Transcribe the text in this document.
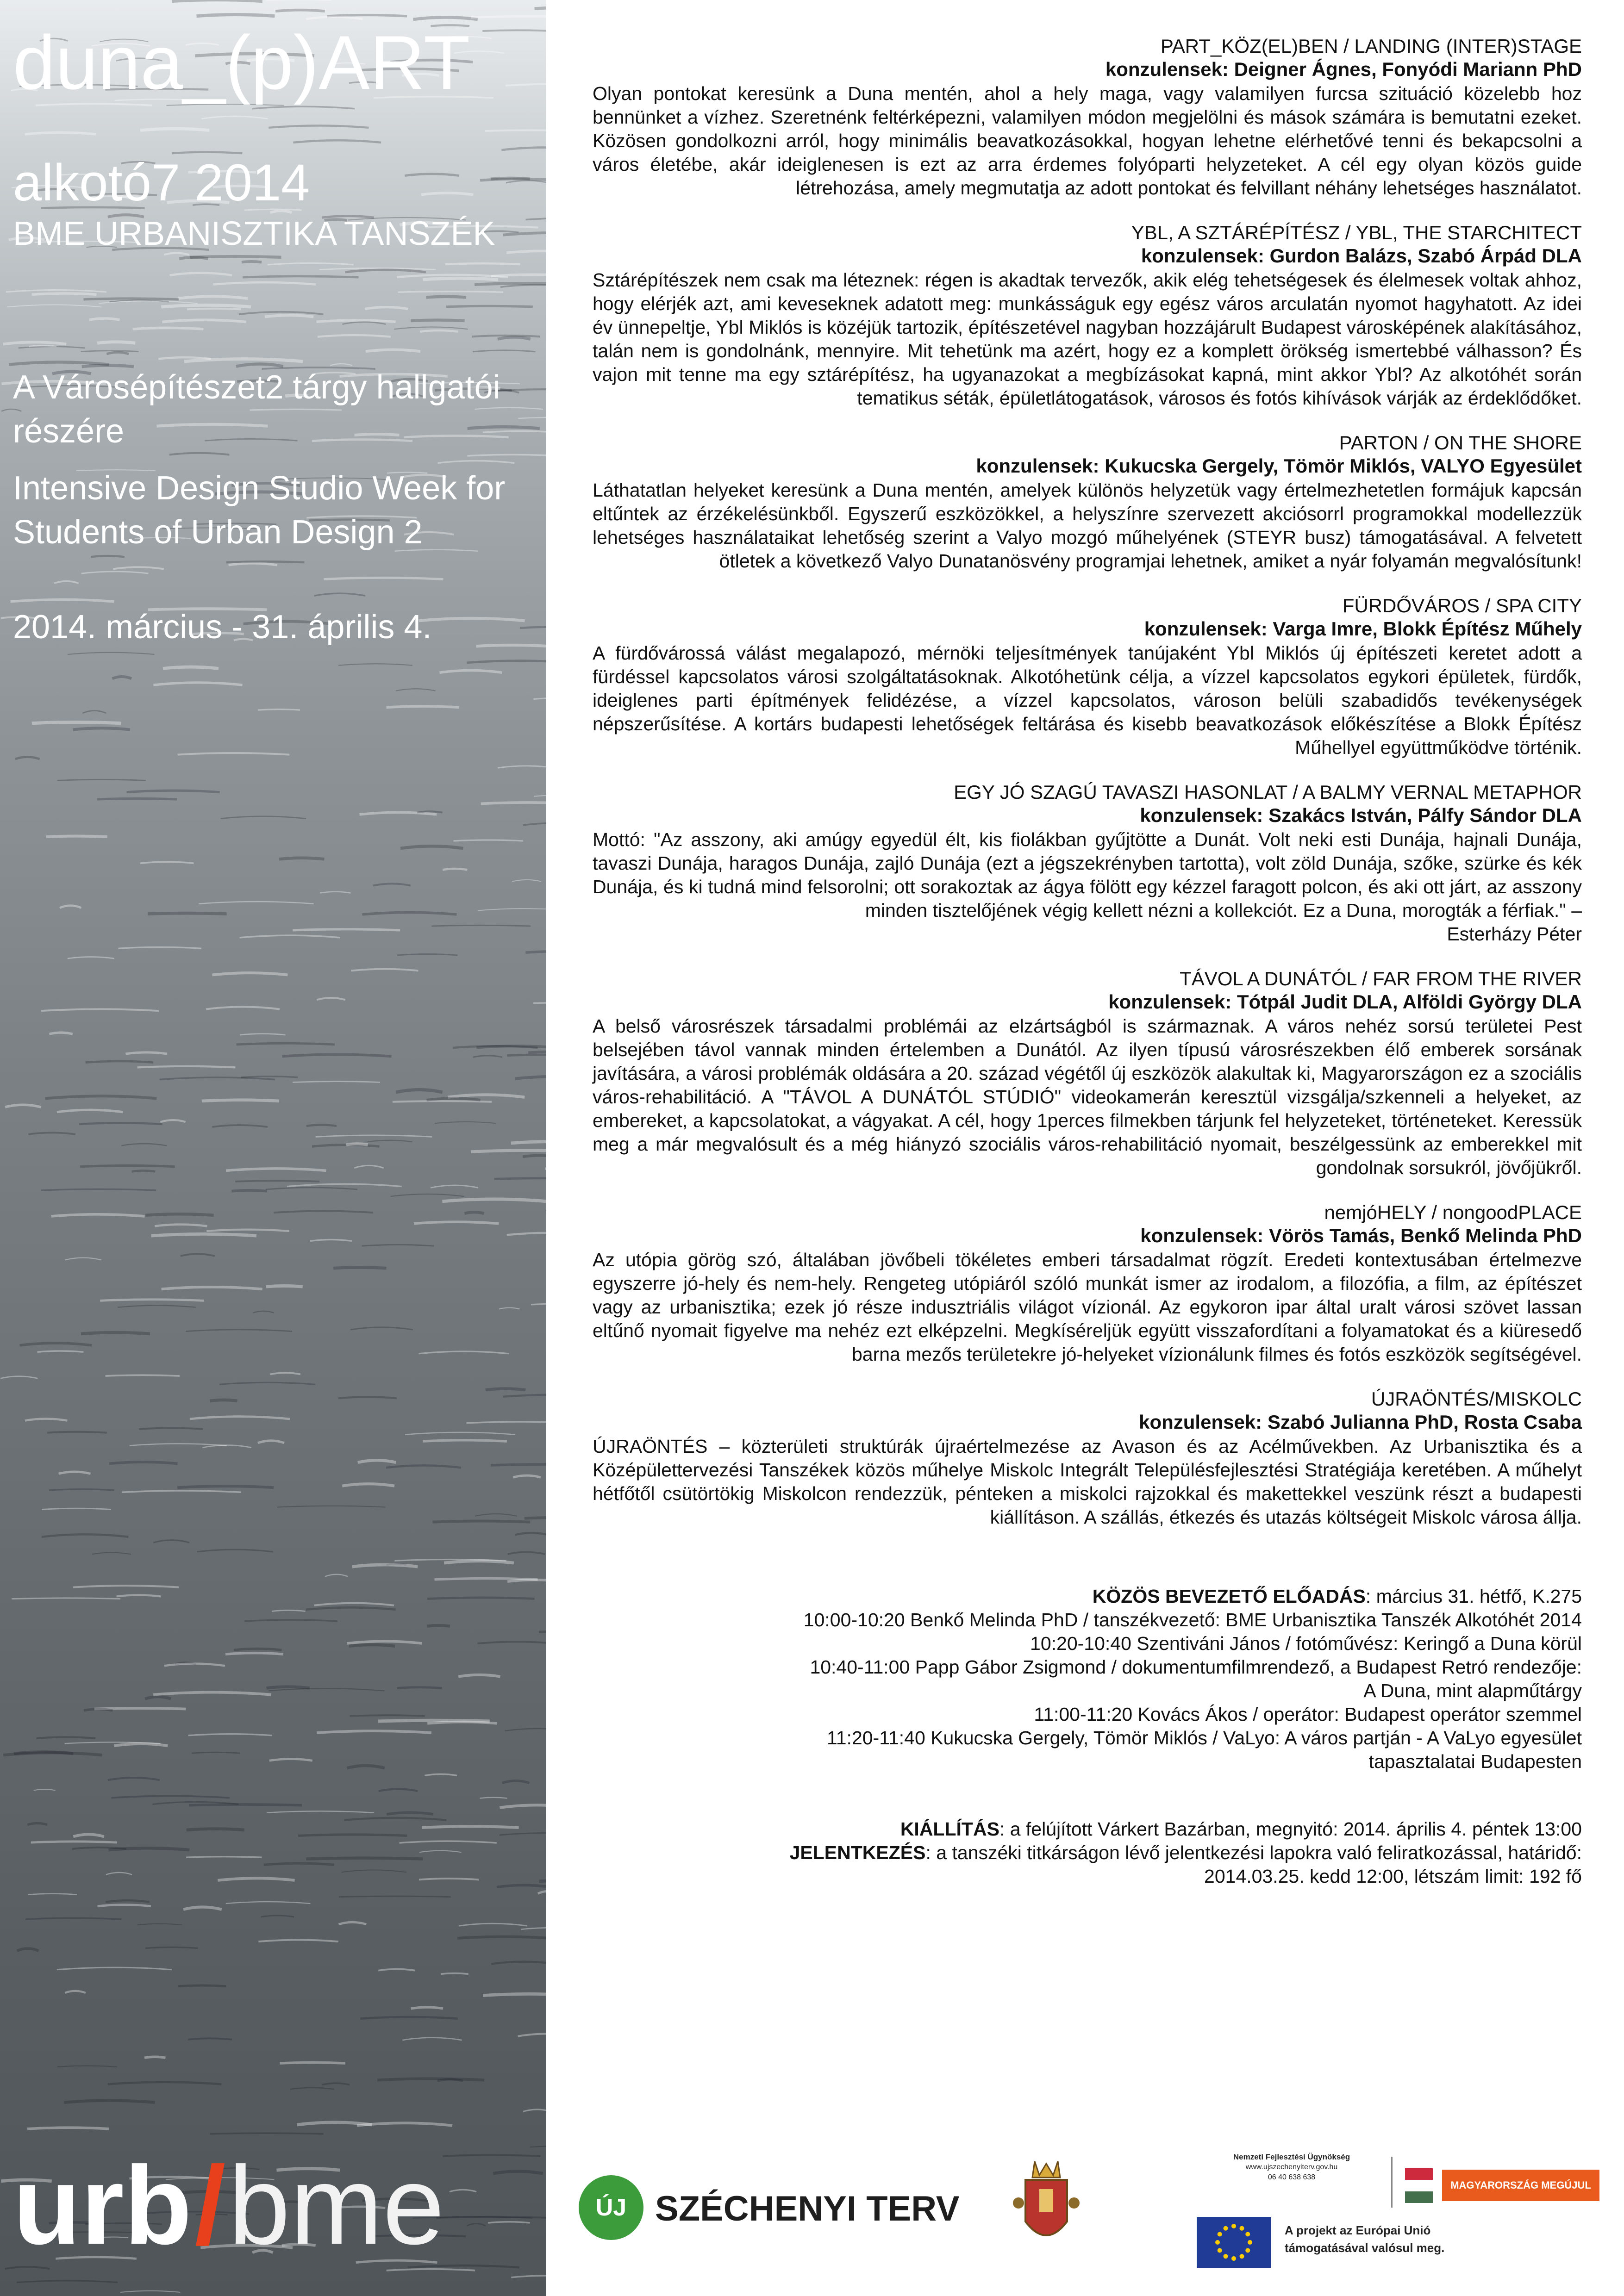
duna_(p)ART
alkotó7 2014
BME URBANISZTIKA TANSZÉK
A Városépítészet2 tárgy hallgatói részére
Intensive Design Studio Week for Students of Urban Design 2
2014. március - 31. április 4.
urb/bme
PART_KÖZ(EL)BEN / LANDING (INTER)STAGE
konzulensek: Deigner Ágnes, Fonyódi Mariann PhD
Olyan pontokat keresünk a Duna mentén, ahol a hely maga, vagy valamilyen furcsa szituáció közelebb hoz bennünket a vízhez. Szeretnénk feltérképezni, valamilyen módon megjelölni és mások számára is bemutatni ezeket. Közösen gondolkozni arról, hogy minimális beavatkozásokkal, hogyan lehetne elérhetővé tenni és bekapcsolni a város életébe, akár ideiglenesen is ezt az arra érdemes folyóparti helyzeteket. A cél egy olyan közös guide létrehozása, amely megmutatja az adott pontokat és felvillant néhány lehetséges használatot.
YBL, A SZTÁRÉPÍTÉSZ / YBL, THE STARCHITECT
konzulensek: Gurdon Balázs, Szabó Árpád DLA
Sztárépítészek nem csak ma léteznek: régen is akadtak tervezők, akik elég tehetségesek és élelmesek voltak ahhoz, hogy elérjék azt, ami keveseknek adatott meg: munkásságuk egy egész város arculatán nyomot hagyhatott. Az idei év ünnepeltje, Ybl Miklós is közéjük tartozik, építészetével nagyban hozzájárult Budapest városképének alakításához, talán nem is gondolnánk, mennyire. Mit tehetünk ma azért, hogy ez a komplett örökség ismertebbé válhasson? És vajon mit tenne ma egy sztárépítész, ha ugyanazokat a megbízásokat kapná, mint akkor Ybl? Az alkotóhét során tematikus séták, épületlátogatások, városos és fotós kihívások várják az érdeklődőket.
PARTON / ON THE SHORE
konzulensek: Kukucska Gergely, Tömör Miklós, VALYO Egyesület
Láthatatlan helyeket keresünk a Duna mentén, amelyek különös helyzetük vagy értelmezhetetlen formájuk kapcsán eltűntek az érzékelésünkből. Egyszerű eszközökkel, a helyszínre szervezett akciósorrl programokkal modellezzük lehetséges használataikat lehetőség szerint a Valyo mozgó műhelyének (STEYR busz) támogatásával. A felvetett ötletek a következő Valyo Dunatanösvény programjai lehetnek, amiket a nyár folyamán megvalósítunk!
FÜRDŐVÁROS / SPA CITY
konzulensek: Varga Imre, Blokk Építész Műhely
A fürdővárossá válást megalapozó, mérnöki teljesítmények tanújaként Ybl Miklós új építészeti keretet adott a fürdéssel kapcsolatos városi szolgáltatásoknak. Alkotóhetünk célja, a vízzel kapcsolatos egykori épületek, fürdők, ideiglenes parti építmények felidézése, a vízzel kapcsolatos, városon belüli szabadidős tevékenységek népszerűsítése. A kortárs budapesti lehetőségek feltárása és kisebb beavatkozások előkészítése a Blokk Építész Műhellyel együttműködve történik.
EGY JÓ SZAGÚ TAVASZI HASONLAT / A BALMY VERNAL METAPHOR
konzulensek: Szakács István, Pálfy Sándor DLA
Mottó: "Az asszony, aki amúgy egyedül élt, kis fiolákban gyűjtötte a Dunát. Volt neki esti Dunája, hajnali Dunája, tavaszi Dunája, haragos Dunája, zajló Dunája (ezt a jégszekrényben tartotta), volt zöld Dunája, szőke, szürke és kék Dunája, és ki tudná mind felsorolni; ott sorakoztak az ágya fölött egy kézzel faragott polcon, és aki ott járt, az asszony minden tisztelőjének végig kellett nézni a kollekciót. Ez a Duna, morogták a férfiak." –
Esterházy Péter
TÁVOL A DUNÁTÓL / FAR FROM THE RIVER
konzulensek: Tótpál Judit DLA, Alföldi György DLA
A belső városrészek társadalmi problémái az elzártságból is származnak. A város nehéz sorsú területei Pest belsejében távol vannak minden értelemben a Dunától. Az ilyen típusú városrészekben élő emberek sorsának javítására, a városi problémák oldására a 20. század végétől új eszközök alakultak ki, Magyarországon ez a szociális város-rehabilitáció. A "TÁVOL A DUNÁTÓL STÚDIÓ" videokamerán keresztül vizsgálja/szkenneli a helyeket, az embereket, a kapcsolatokat, a vágyakat. A cél, hogy 1perces filmekben tárjunk fel helyzeteket, történeteket. Keressük meg a már megvalósult és a még hiányzó szociális város-rehabilitáció nyomait, beszélgessünk az emberekkel mit gondolnak sorsukról, jövőjükről.
nemjóHELY / nongoodPLACE
konzulensek: Vörös Tamás, Benkő Melinda PhD
Az utópia görög szó, általában jövőbeli tökéletes emberi társadalmat rögzít. Eredeti kontextusában értelmezve egyszerre jó-hely és nem-hely. Rengeteg utópiáról szóló munkát ismer az irodalom, a filozófia, a film, az építészet vagy az urbanisztika; ezek jó része indusztriális világot vízionál. Az egykoron ipar által uralt városi szövet lassan eltűnő nyomait figyelve ma nehéz ezt elképzelni. Megkíséreljük együtt visszafordítani a folyamatokat és a kiüresedő barna mezős területekre jó-helyeket vízionálunk filmes és fotós eszközök segítségével.
ÚJRAÖNTÉS/MISKOLC
konzulensek: Szabó Julianna PhD, Rosta Csaba
ÚJRAÖNTÉS – közterületi struktúrák újraértelmezése az Avason és az Acélművekben. Az Urbanisztika és a Középülettervezési Tanszékek közös műhelye Miskolc Integrált Településfejlesztési Stratégiája keretében. A műhelyt hétfőtől csütörtökig Miskolcon rendezzük, pénteken a miskolci rajzokkal és makettekkel veszünk részt a budapesti kiállításon. A szállás, étkezés és utazás költségeit Miskolc városa állja.
KÖZÖS BEVEZETŐ ELŐADÁS: március 31. hétfő, K.275
10:00-10:20 Benkő Melinda PhD / tanszékvezető: BME Urbanisztika Tanszék Alkotóhét 2014
10:20-10:40 Szentiváni János / fotóművész: Keringő a Duna körül
10:40-11:00 Papp Gábor Zsigmond / dokumentumfilmrendező, a Budapest Retró rendezője:
A Duna, mint alapműtárgy
11:00-11:20 Kovács Ákos / operátor: Budapest operátor szemmel
11:20-11:40 Kukucska Gergely, Tömör Miklós / VaLyo: A város partján - A VaLyo egyesület
tapasztalatai Budapesten
KIÁLLÍTÁS: a felújított Várkert Bazárban, megnyitó: 2014. április 4. péntek 13:00
JELENTKEZÉS: a tanszéki titkárságon lévő jelentkezési lapokra való feliratkozással, határidő:
2014.03.25. kedd 12:00, létszám limit: 192 fő
ÚJ SZÉCHENYI TERV
Nemzeti Fejlesztési Ügynökség
www.ujszechenyiterv.gov.hu
06 40 638 638
MAGYARORSZÁG MEGÚJUL
A projekt az Európai Unió támogatásával valósul meg.
